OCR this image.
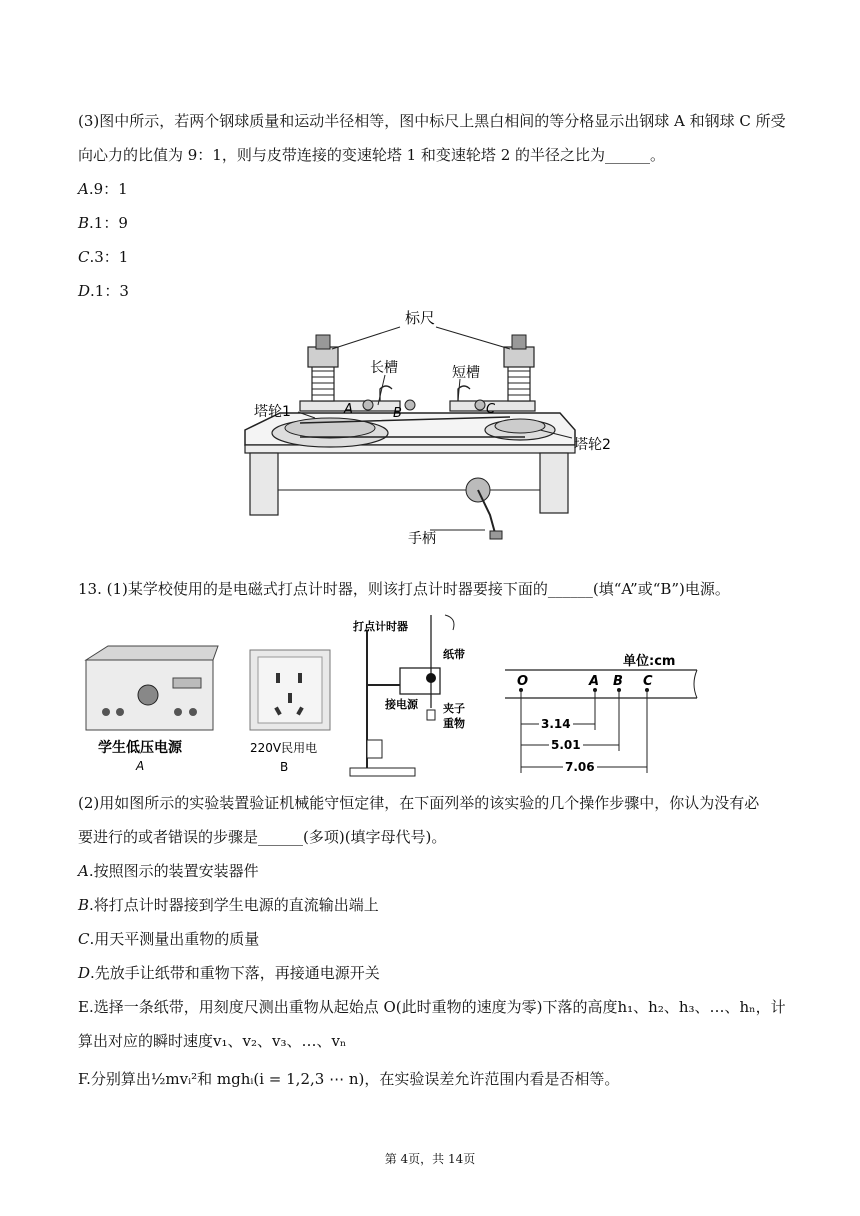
(3)图中所示，若两个钢球质量和运动半径相等，图中标尺上黑白相间的等分格显示出钢球 A 和钢球 C 所受
向心力的比值为 9：1，则与皮带连接的变速轮塔 1 和变速轮塔 2 的半径之比为______。
A.9：1
B.1：9
C.3：1
D.1：3
标尺
长槽	短槽
塔轮1
塔轮2
手柄
A	B	C
13. (1)某学校使用的是电磁式打点计时器，则该打点计时器要接下面的______(填“A”或“B”)电源。
学生低压电源
A
220V民用电
B
打点计时器
纸带
夹子
重物
接电源
单位:cm
O	A B C
3.14
5.01
7.06
(2)用如图所示的实验装置验证机械能守恒定律，在下面列举的该实验的几个操作步骤中，你认为没有必
要进行的或者错误的步骤是______(多项)(填字母代号)。
A.按照图示的装置安装器件
B.将打点计时器接到学生电源的直流输出端上
C.用天平测量出重物的质量
D.先放手让纸带和重物下落，再接通电源开关
E.选择一条纸带，用刻度尺测出重物从起始点 O(此时重物的速度为零)下落的高度h₁、h₂、h₃、…、hₙ，计
算出对应的瞬时速度v₁、v₂、v₃、…、vₙ
F.分别算出½mvᵢ²和 mghᵢ(i = 1,2,3 ⋯ n)，在实验误差允许范围内看是否相等。
第 4页，共 14页
